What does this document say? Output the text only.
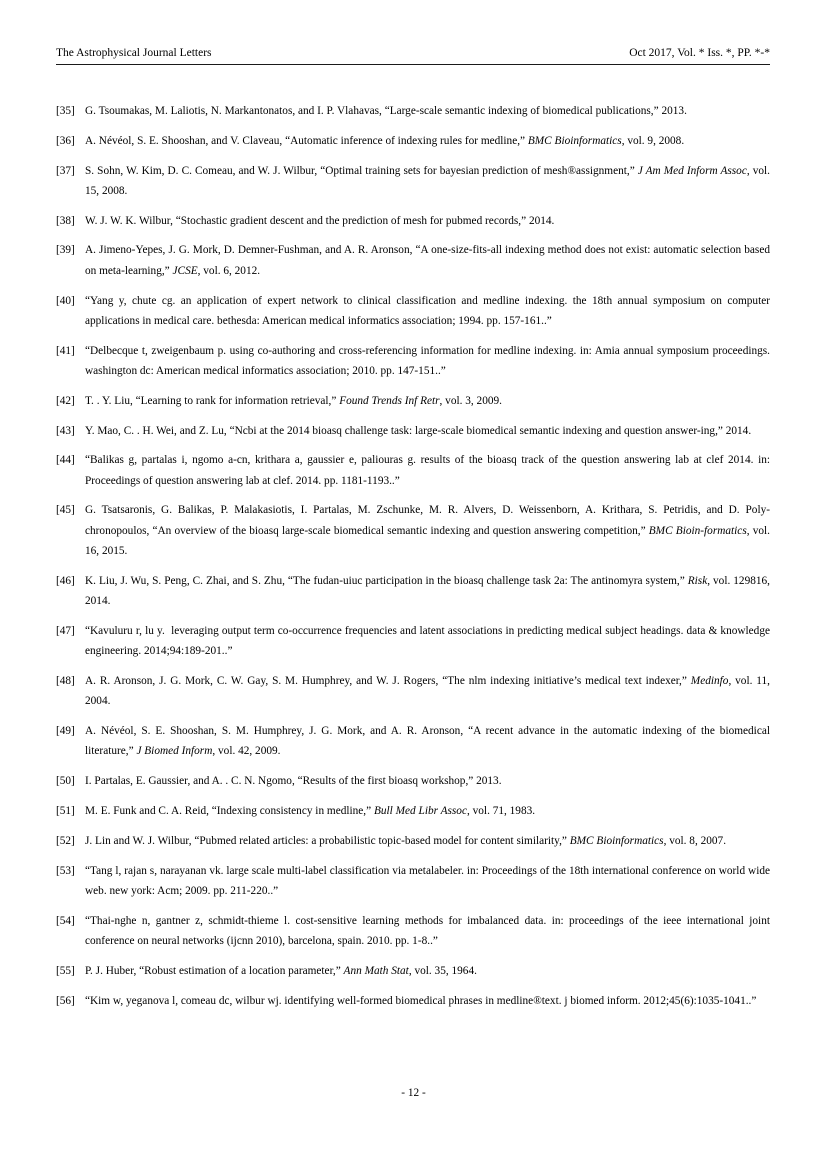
The Astrophysical Journal Letters	Oct 2017, Vol. * Iss. *, PP. *-*
[35] G. Tsoumakas, M. Laliotis, N. Markantonatos, and I. P. Vlahavas, “Large-scale semantic indexing of biomedical publications,” 2013.
[36] A. Névéol, S. E. Shooshan, and V. Claveau, “Automatic inference of indexing rules for medline,” BMC Bioinformatics, vol. 9, 2008.
[37] S. Sohn, W. Kim, D. C. Comeau, and W. J. Wilbur, “Optimal training sets for bayesian prediction of mesh®assignment,” J Am Med Inform Assoc, vol. 15, 2008.
[38] W. J. W. K. Wilbur, “Stochastic gradient descent and the prediction of mesh for pubmed records,” 2014.
[39] A. Jimeno-Yepes, J. G. Mork, D. Demner-Fushman, and A. R. Aronson, “A one-size-fits-all indexing method does not exist: automatic selection based on meta-learning,” JCSE, vol. 6, 2012.
[40] “Yang y, chute cg. an application of expert network to clinical classification and medline indexing. the 18th annual symposium on computer applications in medical care. bethesda: American medical informatics association; 1994. pp. 157-161..”
[41] “Delbecque t, zweigenbaum p. using co-authoring and cross-referencing information for medline indexing. in: Amia annual symposium proceedings. washington dc: American medical informatics association; 2010. pp. 147-151..”
[42] T. . Y. Liu, “Learning to rank for information retrieval,” Found Trends Inf Retr, vol. 3, 2009.
[43] Y. Mao, C. . H. Wei, and Z. Lu, “Ncbi at the 2014 bioasq challenge task: large-scale biomedical semantic indexing and question answer-ing,” 2014.
[44] “Balikas g, partalas i, ngomo a-cn, krithara a, gaussier e, paliouras g. results of the bioasq track of the question answering lab at clef 2014. in: Proceedings of question answering lab at clef. 2014. pp. 1181-1193..”
[45] G. Tsatsaronis, G. Balikas, P. Malakasiotis, I. Partalas, M. Zschunke, M. R. Alvers, D. Weissenborn, A. Krithara, S. Petridis, and D. Poly-chronopoulos, “An overview of the bioasq large-scale biomedical semantic indexing and question answering competition,” BMC Bioin-formatics, vol. 16, 2015.
[46] K. Liu, J. Wu, S. Peng, C. Zhai, and S. Zhu, “The fudan-uiuc participation in the bioasq challenge task 2a: The antinomyra system,” Risk, vol. 129816, 2014.
[47] “Kavuluru r, lu y.  leveraging output term co-occurrence frequencies and latent associations in predicting medical subject headings. data & knowledge engineering. 2014;94:189-201..”
[48] A. R. Aronson, J. G. Mork, C. W. Gay, S. M. Humphrey, and W. J. Rogers, “The nlm indexing initiative’s medical text indexer,” Medinfo, vol. 11, 2004.
[49] A. Névéol, S. E. Shooshan, S. M. Humphrey, J. G. Mork, and A. R. Aronson, “A recent advance in the automatic indexing of the biomedical literature,” J Biomed Inform, vol. 42, 2009.
[50] I. Partalas, E. Gaussier, and A. . C. N. Ngomo, “Results of the first bioasq workshop,” 2013.
[51] M. E. Funk and C. A. Reid, “Indexing consistency in medline,” Bull Med Libr Assoc, vol. 71, 1983.
[52] J. Lin and W. J. Wilbur, “Pubmed related articles: a probabilistic topic-based model for content similarity,” BMC Bioinformatics, vol. 8, 2007.
[53] “Tang l, rajan s, narayanan vk. large scale multi-label classification via metalabeler. in: Proceedings of the 18th international conference on world wide web. new york: Acm; 2009. pp. 211-220..”
[54] “Thai-nghe n, gantner z, schmidt-thieme l. cost-sensitive learning methods for imbalanced data. in: proceedings of the ieee international joint conference on neural networks (ijcnn 2010), barcelona, spain. 2010. pp. 1-8..”
[55] P. J. Huber, “Robust estimation of a location parameter,” Ann Math Stat, vol. 35, 1964.
[56] “Kim w, yeganova l, comeau dc, wilbur wj. identifying well-formed biomedical phrases in medline®text. j biomed inform. 2012;45(6):1035-1041..”
- 12 -
